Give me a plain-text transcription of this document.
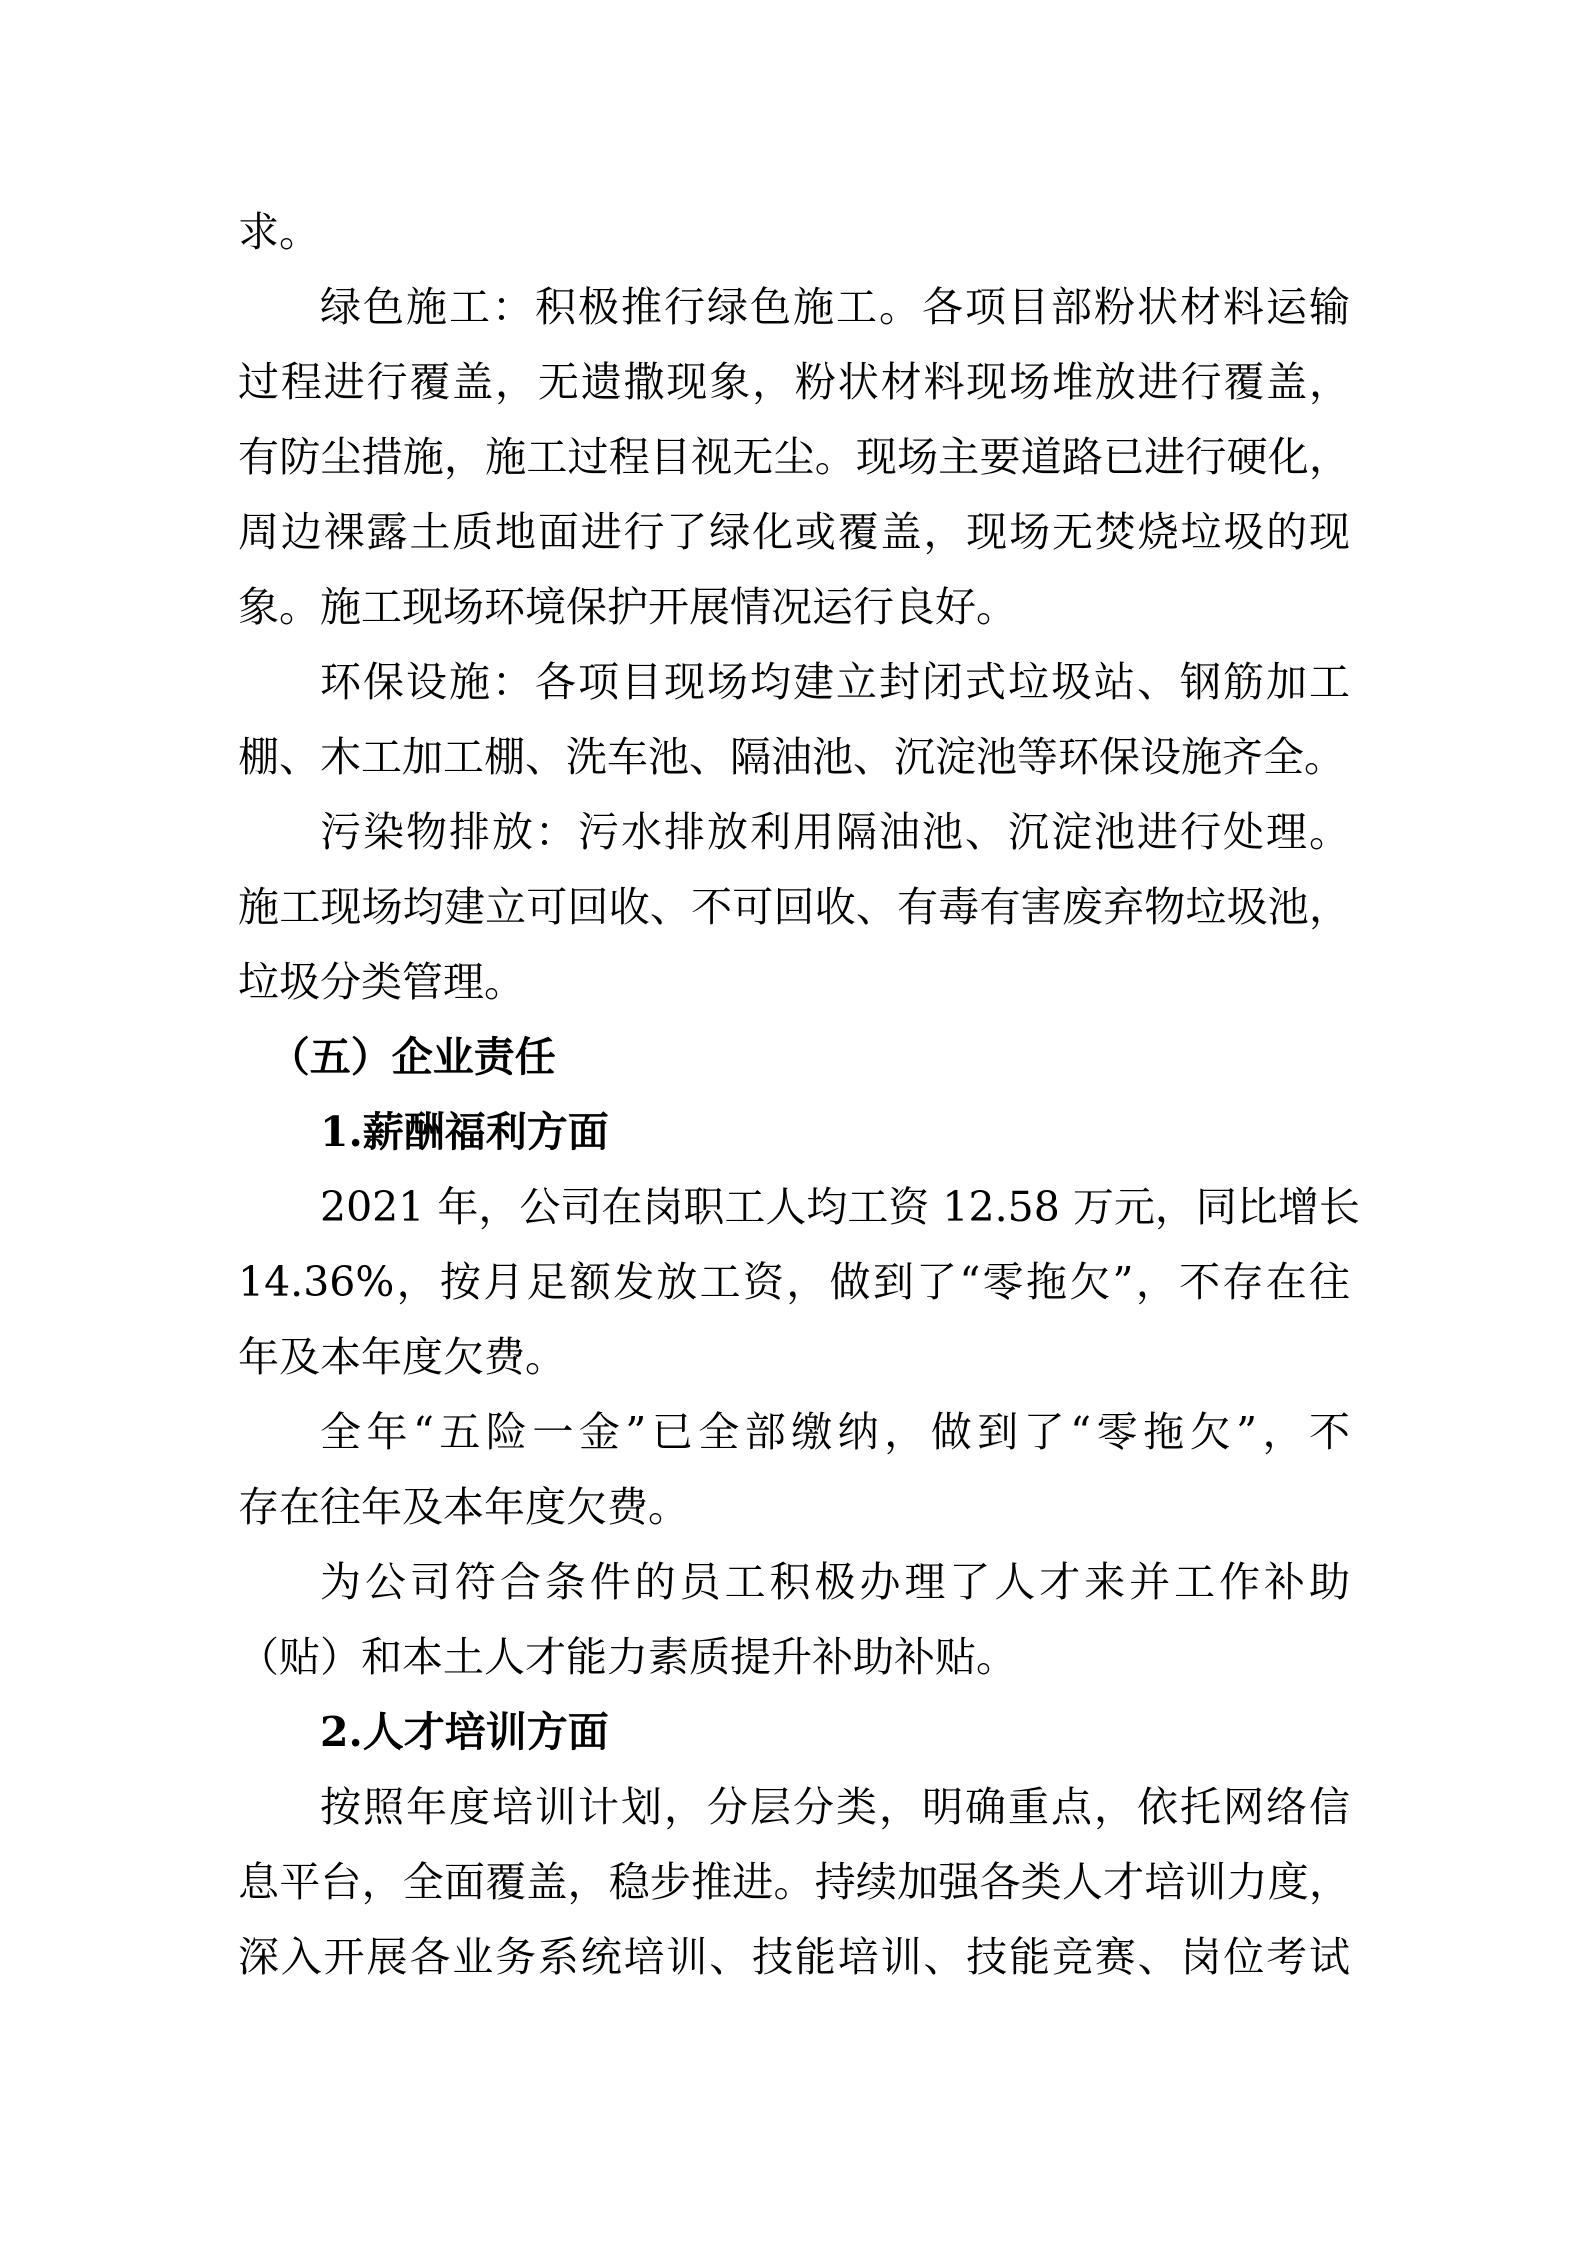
求。
绿色施工：积极推行绿色施工。各项目部粉状材料运输
过程进行覆盖，无遗撒现象，粉状材料现场堆放进行覆盖，
有防尘措施，施工过程目视无尘。现场主要道路已进行硬化，
周边裸露土质地面进行了绿化或覆盖，现场无焚烧垃圾的现
象。施工现场环境保护开展情况运行良好。
环保设施：各项目现场均建立封闭式垃圾站、钢筋加工
棚、木工加工棚、洗车池、隔油池、沉淀池等环保设施齐全。
污染物排放：污水排放利用隔油池、沉淀池进行处理。
施工现场均建立可回收、不可回收、有毒有害废弃物垃圾池，
垃圾分类管理。
（五）企业责任
1.薪酬福利方面
2021 年，公司在岗职工人均工资 12.58 万元，同比增长
14.36%，按月足额发放工资，做到了“零拖欠”，不存在往
年及本年度欠费。
全年“五险一金”已全部缴纳，做到了“零拖欠”，不
存在往年及本年度欠费。
为公司符合条件的员工积极办理了人才来并工作补助
（贴）和本土人才能力素质提升补助补贴。
2.人才培训方面
按照年度培训计划，分层分类，明确重点，依托网络信
息平台，全面覆盖，稳步推进。持续加强各类人才培训力度，
深入开展各业务系统培训、技能培训、技能竞赛、岗位考试
